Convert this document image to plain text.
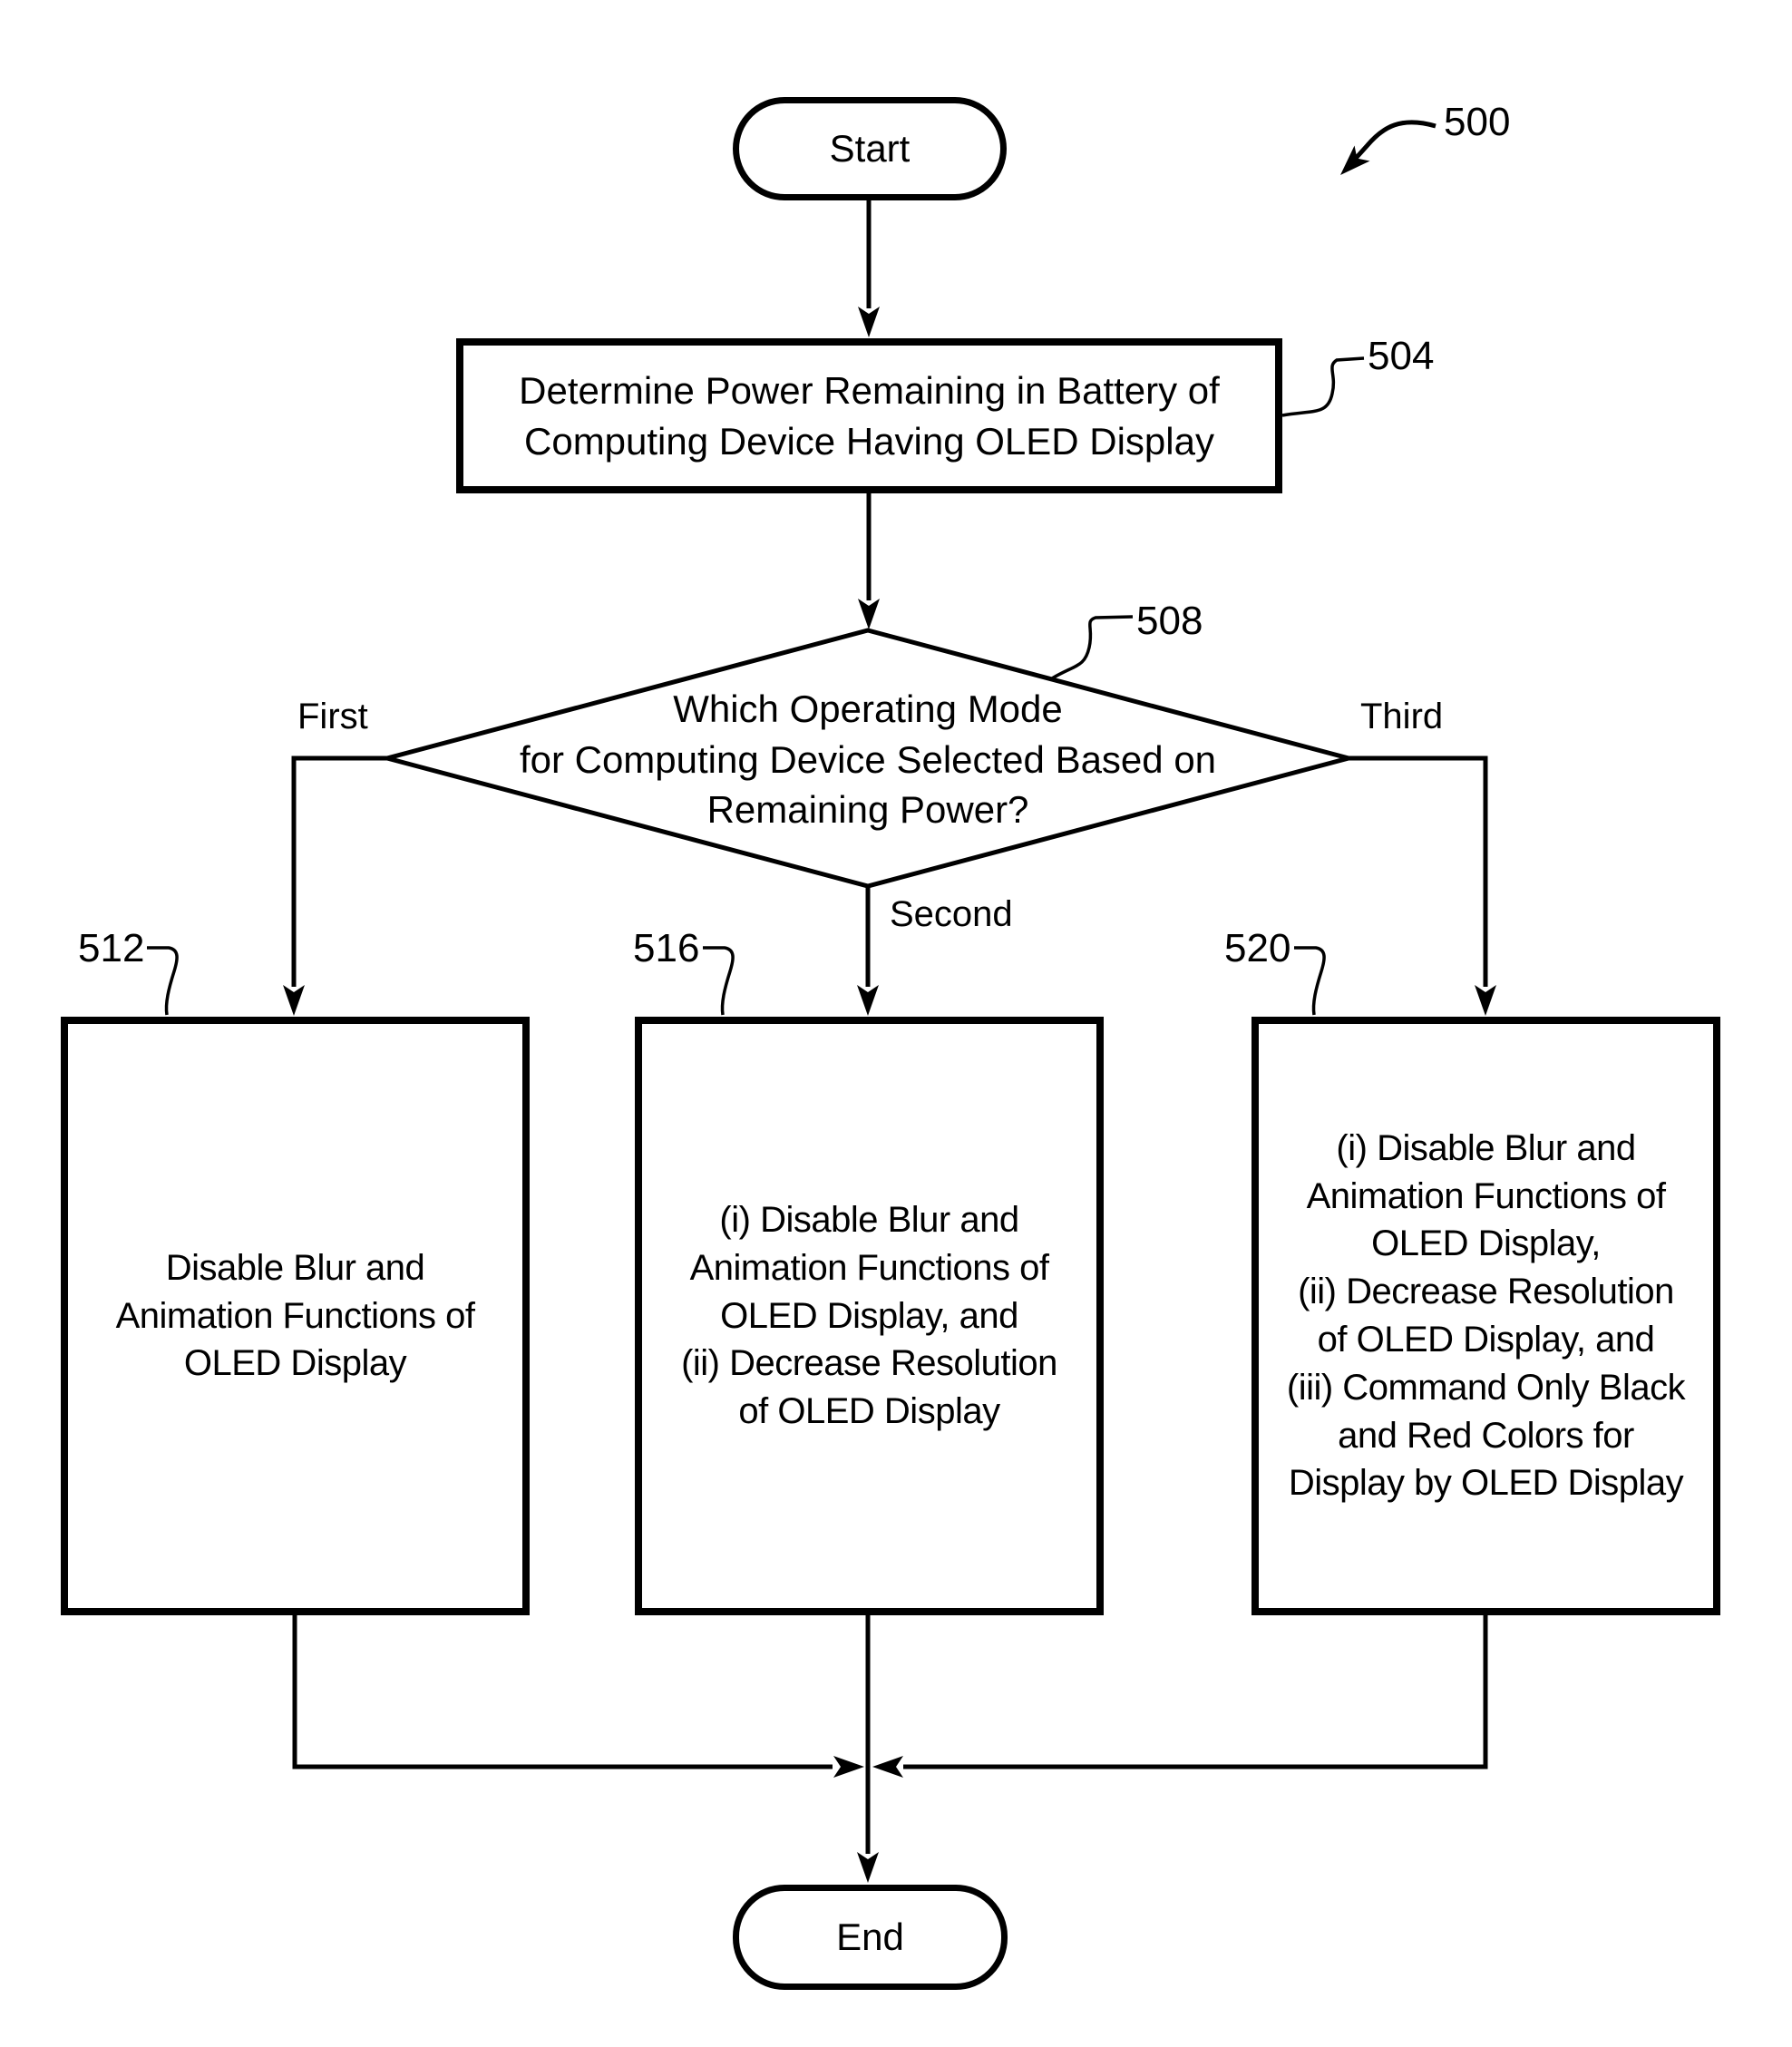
Start
Determine Power Remaining in Battery of
Computing Device Having OLED Display
Which Operating Mode
for Computing Device Selected Based on
Remaining Power?
Disable Blur and
Animation Functions of
OLED Display
(i) Disable Blur and
Animation Functions of
OLED Display, and
(ii) Decrease Resolution
of OLED Display
(i) Disable Blur and
Animation Functions of
OLED Display,
(ii) Decrease Resolution
of OLED Display, and
(iii) Command Only Black
and Red Colors for
Display by OLED Display
End
First
Second
Third
500
504
508
512	516	520
